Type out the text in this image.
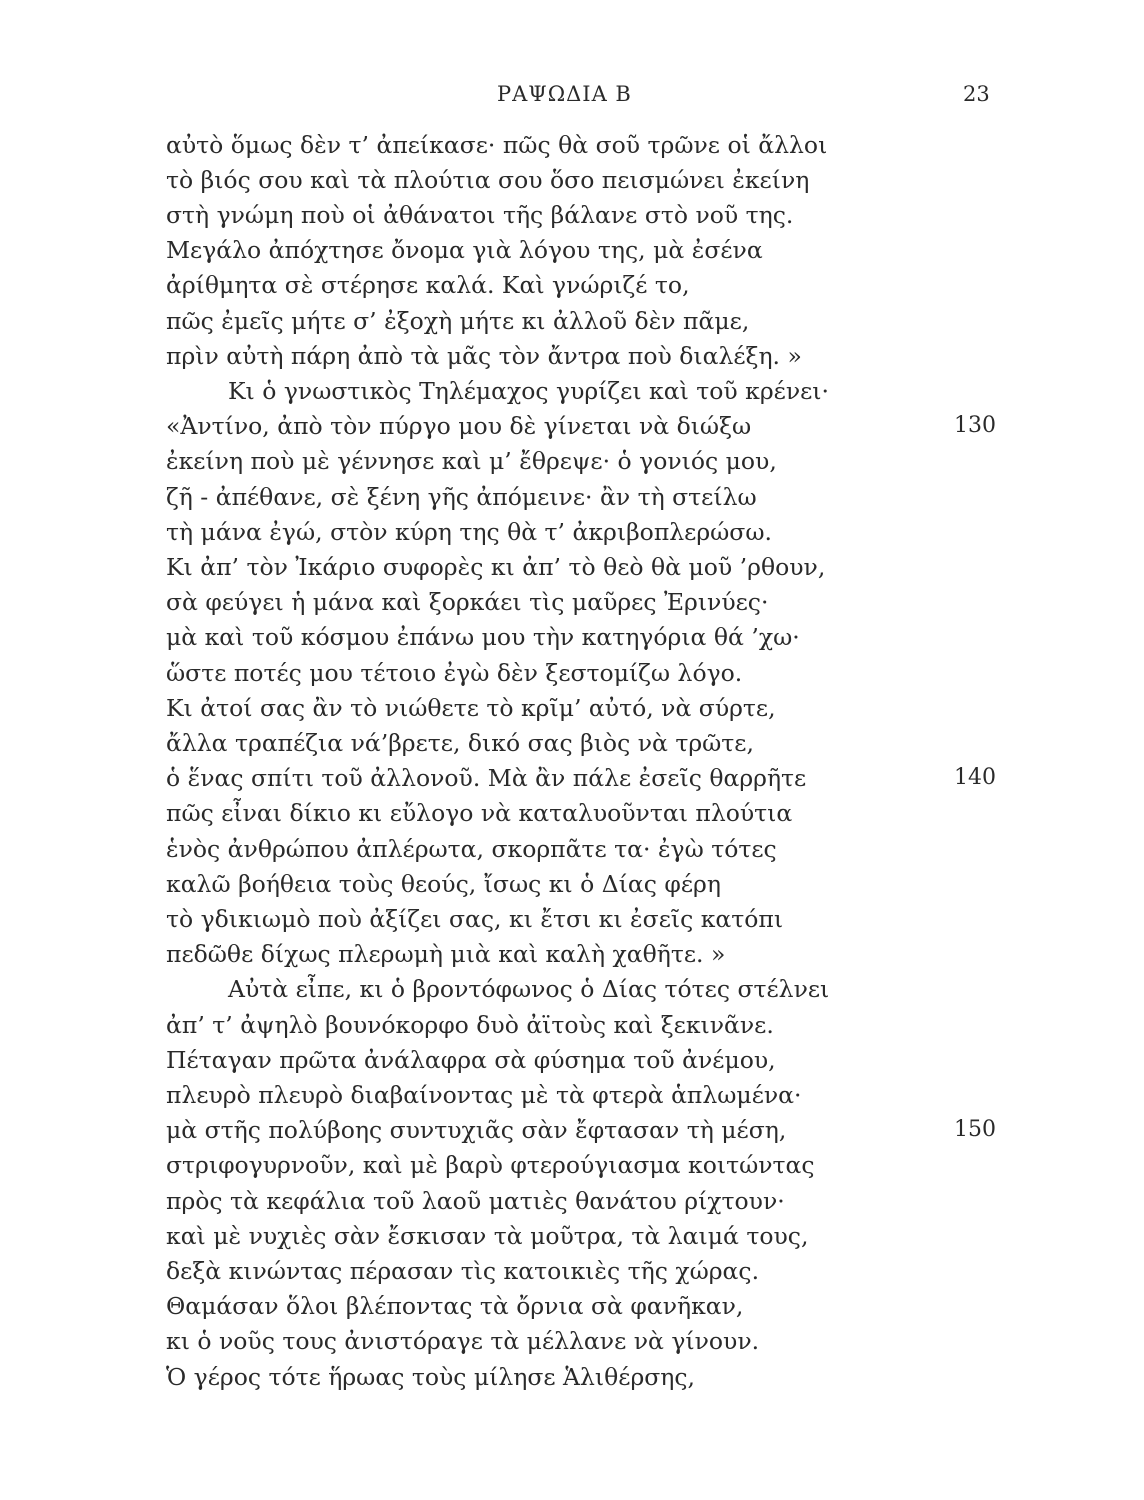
ΡΑΨΩΔΙΑ Β	23
αὐτὸ ὅμως δὲν τ’ ἀπείκασε· πῶς θὰ σοῦ τρῶνε οἱ ἄλλοι
τὸ βιός σου καὶ τὰ πλούτια σου ὅσο πεισμώνει ἐκείνη
στὴ γνώμη ποὺ οἱ ἀθάνατοι τῆς βάλανε στὸ νοῦ της.
Μεγάλο ἀπόχτησε ὄνομα γιὰ λόγου της, μὰ ἐσένα
ἀρίθμητα σὲ στέρησε καλά. Καὶ γνώριζέ το,
πῶς ἐμεῖς μήτε σ’ ἐξοχὴ μήτε κι ἀλλοῦ δὲν πᾶμε,
πρὶν αὐτὴ πάρη ἀπὸ τὰ μᾶς τὸν ἄντρα ποὺ διαλέξη. »
Κι ὁ γνωστικὸς Τηλέμαχος γυρίζει καὶ τοῦ κρένει·
«Ἀντίνο, ἀπὸ τὸν πύργο μου δὲ γίνεται νὰ διώξω
ἐκείνη ποὺ μὲ γέννησε καὶ μ’ ἔθρεψε· ὁ γονιός μου,
ζῆ - ἀπέθανε, σὲ ξένη γῆς ἀπόμεινε· ἂν τὴ στείλω
τὴ μάνα ἐγώ, στὸν κύρη της θὰ τ’ ἀκριβοπλερώσω.
Κι ἀπ’ τὸν Ἰκάριο συφορὲς κι ἀπ’ τὸ θεὸ θὰ μοῦ ’ρθουν,
σὰ φεύγει ἡ μάνα καὶ ξορκάει τὶς μαῦρες Ἐρινύες·
μὰ καὶ τοῦ κόσμου ἐπάνω μου τὴν κατηγόρια θά ’χω·
ὥστε ποτές μου τέτοιο ἐγὼ δὲν ξεστομίζω λόγο.
Κι ἀτοί σας ἂν τὸ νιώθετε τὸ κρῖμ’ αὐτό, νὰ σύρτε,
ἄλλα τραπέζια νά’βρετε, δικό σας βιὸς νὰ τρῶτε,
ὁ ἕνας σπίτι τοῦ ἀλλονοῦ. Μὰ ἂν πάλε ἐσεῖς θαρρῆτε
πῶς εἶναι δίκιο κι εὔλογο νὰ καταλυοῦνται πλούτια
ἑνὸς ἀνθρώπου ἀπλέρωτα, σκορπᾶτε τα· ἐγὼ τότες
καλῶ βοήθεια τοὺς θεούς, ἴσως κι ὁ Δίας φέρη
τὸ γδικιωμὸ ποὺ ἀξίζει σας, κι ἔτσι κι ἐσεῖς κατόπι
πεδῶθε δίχως πλερωμὴ μιὰ καὶ καλὴ χαθῆτε. »
Αὐτὰ εἶπε, κι ὁ βροντόφωνος ὁ Δίας τότες στέλνει
ἀπ’ τ’ ἀψηλὸ βουνόκορφο δυὸ ἀϊτοὺς καὶ ξεκινᾶνε.
Πέταγαν πρῶτα ἀνάλαφρα σὰ φύσημα τοῦ ἀνέμου,
πλευρὸ πλευρὸ διαβαίνοντας μὲ τὰ φτερὰ ἁπλωμένα·
μὰ στῆς πολύβοης συντυχιᾶς σὰν ἔφτασαν τὴ μέση,
στριφογυρνοῦν, καὶ μὲ βαρὺ φτερούγιασμα κοιτώντας
πρὸς τὰ κεφάλια τοῦ λαοῦ ματιὲς θανάτου ρίχτουν·
καὶ μὲ νυχιὲς σὰν ἔσκισαν τὰ μοῦτρα, τὰ λαιμά τους,
δεξὰ κινώντας πέρασαν τὶς κατοικιὲς τῆς χώρας.
Θαμάσαν ὅλοι βλέποντας τὰ ὄρνια σὰ φανῆκαν,
κι ὁ νοῦς τους ἀνιστόραγε τὰ μέλλανε νὰ γίνουν.
Ὁ γέρος τότε ἥρωας τοὺς μίλησε Ἁλιθέρσης,
130
140
150
